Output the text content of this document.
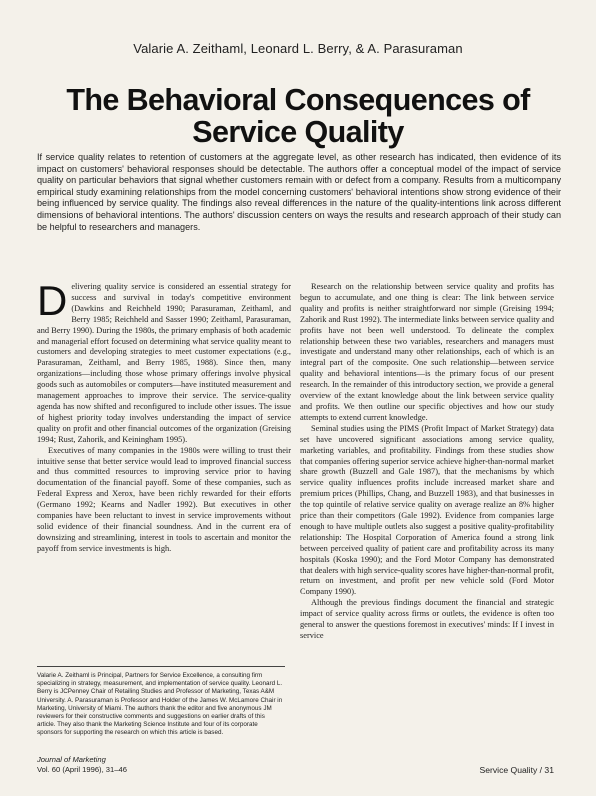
Valarie A. Zeithaml, Leonard L. Berry, & A. Parasuraman
The Behavioral Consequences of
Service Quality
If service quality relates to retention of customers at the aggregate level, as other research has indicated, then evidence of its impact on customers' behavioral responses should be detectable. The authors offer a conceptual model of the impact of service quality on particular behaviors that signal whether customers remain with or defect from a company. Results from a multicompany empirical study examining relationships from the model concerning customers' behavioral intentions show strong evidence of their being influenced by service quality. The findings also reveal differences in the nature of the quality-intentions link across different dimensions of behavioral intentions. The authors' discussion centers on ways the results and research approach of their study can be helpful to researchers and managers.

Delivering quality service is considered an essential strategy for success and survival in today's competitive environment (Dawkins and Reichheld 1990; Parasuraman, Zeithaml, and Berry 1985; Reichheld and Sasser 1990; Zeithaml, Parasuraman, and Berry 1990). During the 1980s, the primary emphasis of both academic and managerial effort focused on determining what service quality meant to customers and developing strategies to meet customer expectations (e.g., Parasuraman, Zeithaml, and Berry 1985, 1988). Since then, many organizations—including those whose primary offerings involve physical goods such as automobiles or computers—have instituted measurement and management approaches to improve their service. The service-quality agenda has now shifted and reconfigured to include other issues. The issue of highest priority today involves understanding the impact of service quality on profit and other financial outcomes of the organization (Greising 1994; Rust, Zahorik, and Keiningham 1995).

Executives of many companies in the 1980s were willing to trust their intuitive sense that better service would lead to improved financial success and thus committed resources to improving service prior to having documentation of the financial payoff. Some of these companies, such as Federal Express and Xerox, have been richly rewarded for their efforts (Germano 1992; Kearns and Nadler 1992). But executives in other companies have been reluctant to invest in service improvements without solid evidence of their financial soundness. And in the current era of downsizing and streamlining, interest in tools to ascertain and monitor the payoff from service investments is high.

Valarie A. Zeithaml is Principal, Partners for Service Excellence, a consulting firm specializing in strategy, measurement, and implementation of service quality. Leonard L. Berry is JCPenney Chair of Retailing Studies and Professor of Marketing, Texas A&M University. A. Parasuraman is Professor and Holder of the James W. McLamore Chair in Marketing, University of Miami. The authors thank the editor and five anonymous JM reviewers for their constructive comments and suggestions on earlier drafts of this article. They also thank the Marketing Science Institute and four of its corporate sponsors for supporting the research on which this article is based.

Research on the relationship between service quality and profits has begun to accumulate, and one thing is clear: The link between service quality and profits is neither straightforward nor simple (Greising 1994; Zahorik and Rust 1992). The intermediate links between service quality and profits have not been well understood. To delineate the complex relationship between these two variables, researchers and managers must investigate and understand many other relationships, each of which is an integral part of the composite. One such relationship—between service quality and behavioral intentions—is the primary focus of our present research. In the remainder of this introductory section, we provide a general overview of the extant knowledge about the link between service quality and profits. We then outline our specific objectives and how our study attempts to extend current knowledge.

Seminal studies using the PIMS (Profit Impact of Market Strategy) data set have uncovered significant associations among service quality, marketing variables, and profitability. Findings from these studies show that companies offering superior service achieve higher-than-normal market share growth (Buzzell and Gale 1987), that the mechanisms by which service quality influences profits include increased market share and premium prices (Phillips, Chang, and Buzzell 1983), and that businesses in the top quintile of relative service quality on average realize an 8% higher price than their competitors (Gale 1992). Evidence from companies large enough to have multiple outlets also suggest a positive quality-profitability relationship: The Hospital Corporation of America found a strong link between perceived quality of patient care and profitability across its many hospitals (Koska 1990); and the Ford Motor Company has demonstrated that dealers with high service-quality scores have higher-than-normal profit, return on investment, and profit per new vehicle sold (Ford Motor Company 1990).

Although the previous findings document the financial and strategic impact of service quality across firms or outlets, the evidence is often too general to answer the questions foremost in executives' minds: If I invest in service

Journal of Marketing
Vol. 60 (April 1996), 31–46	Service Quality / 31
